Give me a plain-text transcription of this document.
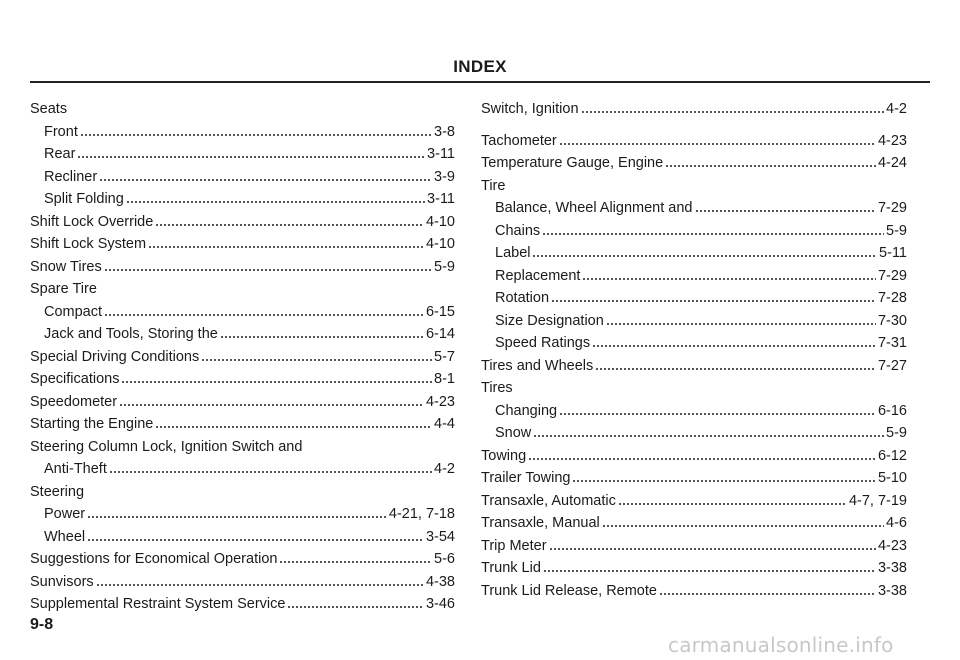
INDEX
Seats
Front	3-8
Rear	3-11
Recliner	3-9
Split Folding	3-11
Shift Lock Override	4-10
Shift Lock System	4-10
Snow Tires	5-9
Spare Tire
Compact	6-15
Jack and Tools, Storing the	6-14
Special Driving Conditions	5-7
Specifications	8-1
Speedometer	4-23
Starting the Engine	4-4
Steering Column Lock, Ignition Switch and
Anti-Theft	4-2
Steering
Power	4-21, 7-18
Wheel	3-54
Suggestions for Economical Operation	5-6
Sunvisors	4-38
Supplemental Restraint System Service	3-46
Switch, Ignition	4-2
Tachometer	4-23
Temperature Gauge, Engine	4-24
Tire
Balance, Wheel Alignment and	7-29
Chains	5-9
Label	5-11
Replacement	7-29
Rotation	7-28
Size Designation	7-30
Speed Ratings	7-31
Tires and Wheels	7-27
Tires
Changing	6-16
Snow	5-9
Towing	6-12
Trailer Towing	5-10
Transaxle, Automatic	4-7, 7-19
Transaxle, Manual	4-6
Trip Meter	4-23
Trunk Lid	3-38
Trunk Lid Release, Remote	3-38
9-8
carmanualsonline.info
